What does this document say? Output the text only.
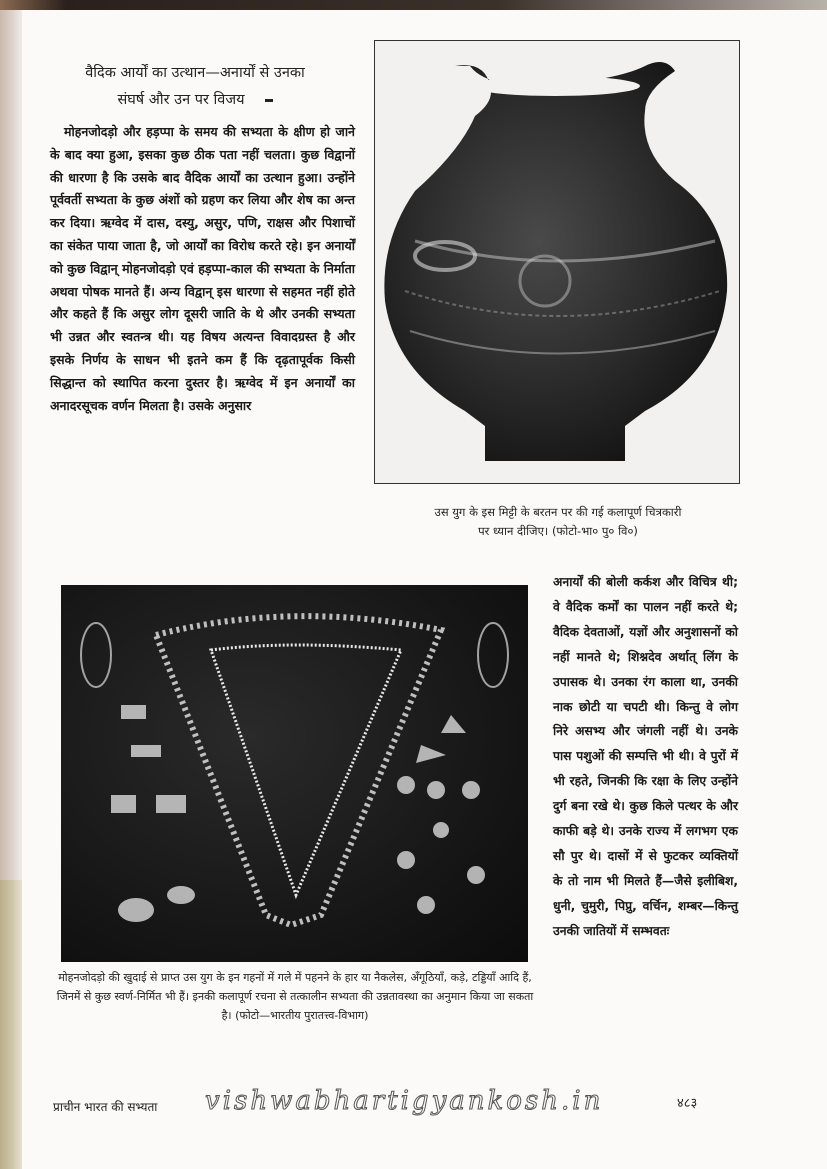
वैदिक आर्यों का उत्थान—अनार्यों से उनका
संघर्ष और उन पर विजय

मोहनजोदड़ो और हड़प्पा के समय की सभ्यता के क्षीण हो जाने के बाद क्या हुआ, इसका कुछ ठीक पता नहीं चलता। कुछ विद्वानों की धारणा है कि उसके बाद वैदिक आर्यों का उत्थान हुआ। उन्होंने पूर्ववर्ती सभ्यता के कुछ अंशों को ग्रहण कर लिया और शेष का अन्त कर दिया। ऋग्वेद में दास, दस्यु, असुर, पणि, राक्षस और पिशाचों का संकेत पाया जाता है, जो आर्यों का विरोध करते रहे। इन अनार्यों को कुछ विद्वान् मोहनजोदड़ो एवं हड़प्पा-काल की सभ्यता के निर्माता अथवा पोषक मानते हैं। अन्य विद्वान् इस धारणा से सहमत नहीं होते और कहते हैं कि असुर लोग दूसरी जाति के थे और उनकी सभ्यता भी उन्नत और स्वतन्त्र थी। यह विषय अत्यन्त विवादग्रस्त है और इसके निर्णय के साधन भी इतने कम हैं कि दृढ़तापूर्वक किसी सिद्धान्त को स्थापित करना दुस्तर है। ऋग्वेद में इन अनार्यों का अनादरसूचक वर्णन मिलता है। उसके अनुसार

उस युग के इस मिट्टी के बरतन पर की गई कलापूर्ण चित्रकारी
पर ध्यान दीजिए। (फोटो-भा० पु० वि०)
मोहनजोदड़ो की खुदाई से प्राप्त उस युग के इन गहनों में गले में पहनने के हार या नैकलेस, अँगूठियाँ, कड़े, टड्डियाँ आदि हैं, जिनमें से कुछ स्वर्ण-निर्मित भी हैं। इनकी कलापूर्ण रचना से तत्कालीन सभ्यता की उन्नतावस्था का अनुमान किया जा सकता है। (फोटो—भारतीय पुरातत्त्व-विभाग)

अनार्यों की बोली कर्कश और विचित्र थी; वे वैदिक कर्मों का पालन नहीं करते थे; वैदिक देवताओं, यज्ञों और अनुशासनों को नहीं मानते थे; शिश्नदेव अर्थात् लिंग के उपासक थे। उनका रंग काला था, उनकी नाक छोटी या चपटी थी। किन्तु वे लोग निरे असभ्य और जंगली नहीं थे। उनके पास पशुओं की सम्पत्ति भी थी। वे पुरों में भी रहते, जिनकी कि रक्षा के लिए उन्होंने दुर्ग बना रखे थे। कुछ किले पत्थर के और काफी बड़े थे। उनके राज्य में लगभग एक सौ पुर थे। दासों में से फुटकर व्यक्तियों के तो नाम भी मिलते हैं—जैसे इलीबिश, धुनी, चुमुरी, पिप्रु, वर्चिन, शम्बर—किन्तु उनकी जातियों में सम्भवतः

प्राचीन भारत की सभ्यता vishwabhartigyankosh.in	४८३
